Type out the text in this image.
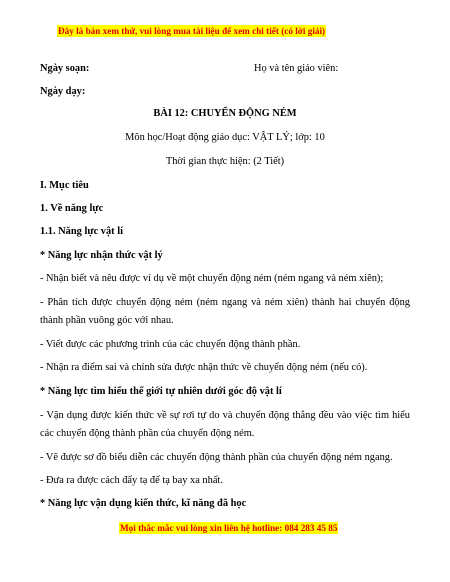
Đây là bản xem thử, vui lòng mua tài liệu để xem chi tiết (có lời giải)
Ngày soạn:	Họ và tên giáo viên:
Ngày dạy:
BÀI 12: CHUYỂN ĐỘNG NÉM
Môn học/Hoạt động giáo dục: VẬT LÝ; lớp: 10
Thời gian thực hiện: (2 Tiết)
I. Mục tiêu
1. Về năng lực
1.1. Năng lực vật lí
* Năng lực nhận thức vật lý
- Nhận biết và nêu được ví dụ về một chuyển động ném (ném ngang và ném xiên);
- Phân tích được chuyển động ném (ném ngang và ném xiên) thành hai chuyển động
thành phần vuông góc với nhau.
- Viết được các phương trình của các chuyển động thành phần.
- Nhận ra điểm sai và chỉnh sửa được nhận thức về chuyển động ném (nếu có).
* Năng lực tìm hiểu thế giới tự nhiên dưới góc độ vật lí
- Vận dụng được kiến thức về sự rơi tự do và chuyển động thẳng đều vào việc tìm hiểu
các chuyển động thành phần của chuyển động ném.
- Vẽ được sơ đồ biểu diễn các chuyển động thành phần của chuyển động ném ngang.
- Đưa ra được cách đẩy tạ để tạ bay xa nhất.
* Năng lực vận dụng kiến thức, kĩ năng đã học
Mọi thắc mắc vui lòng xin liên hệ hotline: 084 283 45 85
